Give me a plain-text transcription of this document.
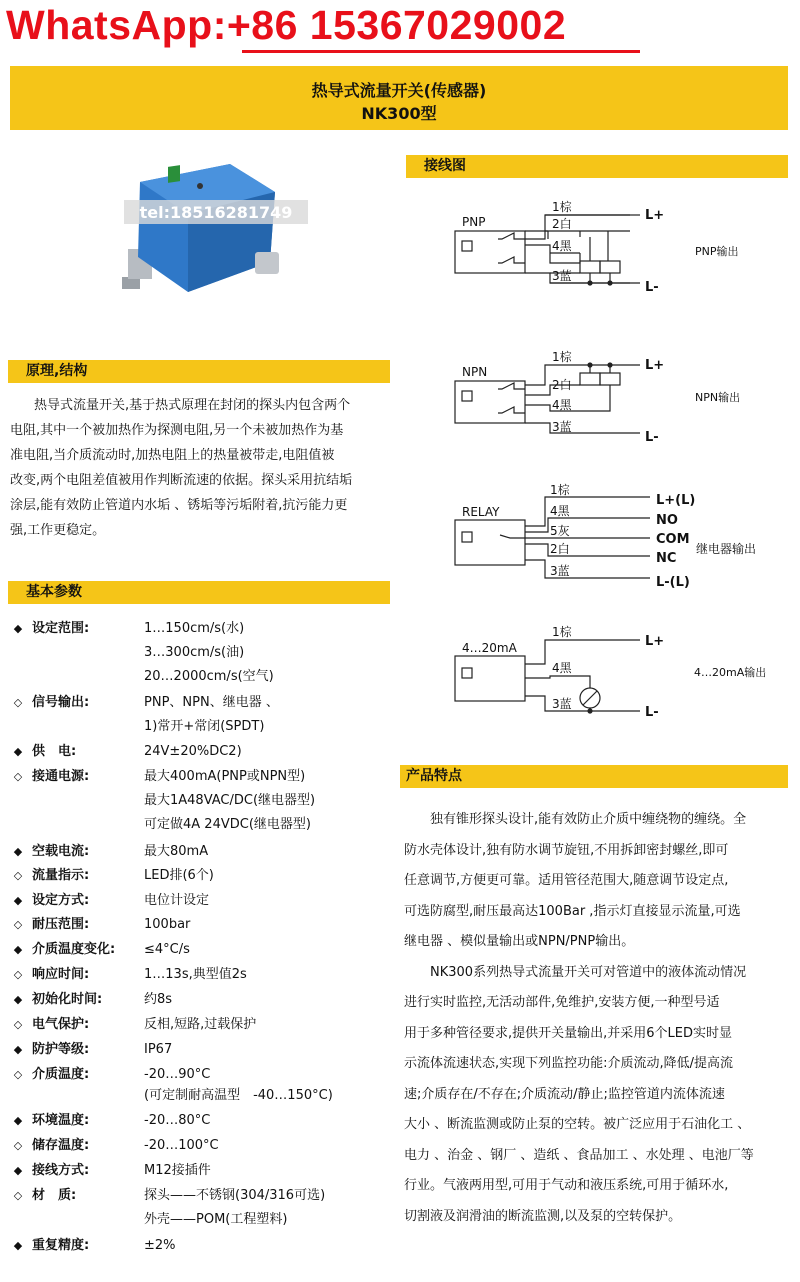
WhatsApp:+86 15367029002
热导式流量开关(传感器)
NK300型
tel:18516281749
原理,结构
热导式流量开关,基于热式原理在封闭的探头内包含两个
电阻,其中一个被加热作为探测电阻,另一个未被加热作为基
准电阻,当介质流动时,加热电阻上的热量被带走,电阻值被
改变,两个电阻差值被用作判断流速的依据。探头采用抗结垢
涂层,能有效防止管道内水垢 、锈垢等污垢附着,抗污能力更
强,工作更稳定。
基本参数
◆ 设定范围:	1…150cm/s(水)
3…300cm/s(油)
20…2000cm/s(空气)
◇ 信号输出:	PNP、NPN、继电器 、
1)常开+常闭(SPDT)
◆ 供　电:	24V±20%DC2)
◇ 接通电源:	最大400mA(PNP或NPN型)
最大1A48VAC/DC(继电器型)
可定做4A 24VDC(继电器型)
◆ 空载电流:	最大80mA
◇ 流量指示:	LED排(6个)
◆ 设定方式:	电位计设定
◇ 耐压范围:	100bar
◆ 介质温度变化: ≤4°C/s
◇ 响应时间:	1…13s,典型值2s
◆ 初始化时间:	约8s
◇ 电气保护:	反相,短路,过载保护
◆ 防护等级:	IP67
◇ 介质温度:	-20…90°C
(可定制耐高温型　-40…150°C)
◆ 环境温度:	-20…80°C
◇ 储存温度:	-20…100°C
◆ 接线方式:	M12接插件
◇ 材　质:	探头——不锈钢(304/316可选)
外壳——POM(工程塑料)
◆ 重复精度:	±2%
接线图
PNP
1棕
2白
4黑
3蓝
L+
L-
PNP输出
NPN
1棕
2白
4黑
3蓝
L+
L-
NPN输出
RELAY
1棕
4黑
5灰
2白
3蓝
L+(L)
NO
COM
NC
L-(L)
继电器输出
4…20mA
1棕
4黑
3蓝
L+
L-
4…20mA输出
产品特点
独有锥形探头设计,能有效防止介质中缠绕物的缠绕。全
防水壳体设计,独有防水调节旋钮,不用拆卸密封螺丝,即可
任意调节,方便更可靠。适用管径范围大,随意调节设定点,
可选防腐型,耐压最高达100Bar ,指示灯直接显示流量,可选
继电器 、模似量输出或NPN/PNP输出。
NK300系列热导式流量开关可对管道中的液体流动情况
进行实时监控,无活动部件,免维护,安装方便,一种型号适
用于多种管径要求,提供开关量输出,并采用6个LED实时显
示流体流速状态,实现下列监控功能:介质流动,降低/提高流
速;介质存在/不存在;介质流动/静止;监控管道内流体流速
大小 、断流监测或防止泵的空转。被广泛应用于石油化工 、
电力 、治金 、钢厂 、造纸 、食品加工 、水处理 、电池厂等
行业。气液两用型,可用于气动和液压系统,可用于循环水,
切割液及润滑油的断流监测,以及泵的空转保护。
